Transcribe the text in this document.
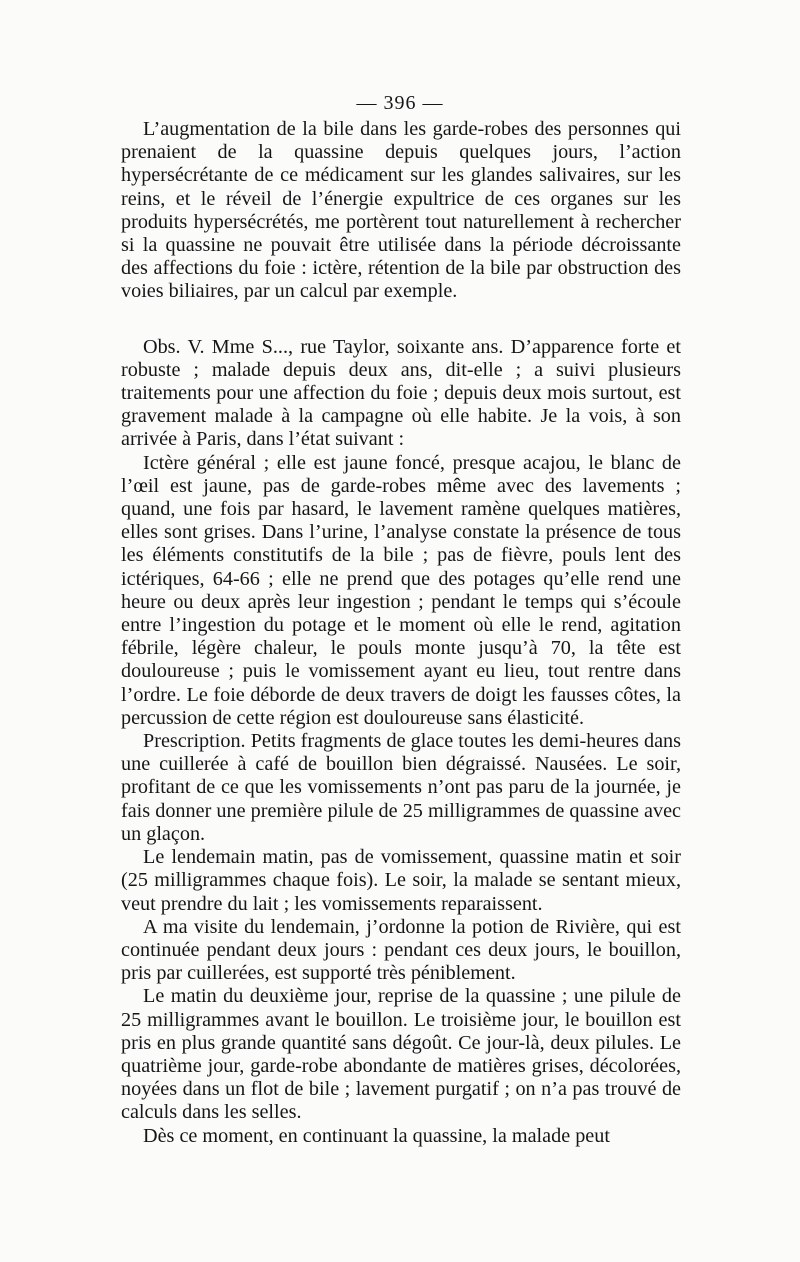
— 396 —

L’augmentation de la bile dans les garde-robes des personnes qui prenaient de la quassine depuis quelques jours, l’action hypersécrétante de ce médicament sur les glandes salivaires, sur les reins, et le réveil de l’énergie expultrice de ces organes sur les produits hypersécrétés, me portèrent tout naturellement à rechercher si la quassine ne pouvait être utilisée dans la période décroissante des affections du foie : ictère, rétention de la bile par obstruction des voies biliaires, par un calcul par exemple.

Obs. V. Mme S..., rue Taylor, soixante ans. D’apparence forte et robuste ; malade depuis deux ans, dit-elle ; a suivi plusieurs traitements pour une affection du foie ; depuis deux mois surtout, est gravement malade à la campagne où elle habite. Je la vois, à son arrivée à Paris, dans l’état suivant :

Ictère général ; elle est jaune foncé, presque acajou, le blanc de l’œil est jaune, pas de garde-robes même avec des lavements ; quand, une fois par hasard, le lavement ramène quelques matières, elles sont grises. Dans l’urine, l’analyse constate la présence de tous les éléments constitutifs de la bile ; pas de fièvre, pouls lent des ictériques, 64-66 ; elle ne prend que des potages qu’elle rend une heure ou deux après leur ingestion ; pendant le temps qui s’écoule entre l’ingestion du potage et le moment où elle le rend, agitation fébrile, légère chaleur, le pouls monte jusqu’à 70, la tête est douloureuse ; puis le vomissement ayant eu lieu, tout rentre dans l’ordre. Le foie déborde de deux travers de doigt les fausses côtes, la percussion de cette région est douloureuse sans élasticité.

Prescription. Petits fragments de glace toutes les demi-heures dans une cuillerée à café de bouillon bien dégraissé. Nausées. Le soir, profitant de ce que les vomissements n’ont pas paru de la journée, je fais donner une première pilule de 25 milligrammes de quassine avec un glaçon.

Le lendemain matin, pas de vomissement, quassine matin et soir (25 milligrammes chaque fois). Le soir, la malade se sentant mieux, veut prendre du lait ; les vomissements reparaissent.

A ma visite du lendemain, j’ordonne la potion de Rivière, qui est continuée pendant deux jours : pendant ces deux jours, le bouillon, pris par cuillerées, est supporté très péniblement.

Le matin du deuxième jour, reprise de la quassine ; une pilule de 25 milligrammes avant le bouillon. Le troisième jour, le bouillon est pris en plus grande quantité sans dégoût. Ce jour-là, deux pilules. Le quatrième jour, garde-robe abondante de matières grises, décolorées, noyées dans un flot de bile ; lavement purgatif ; on n’a pas trouvé de calculs dans les selles.

Dès ce moment, en continuant la quassine, la malade peut
